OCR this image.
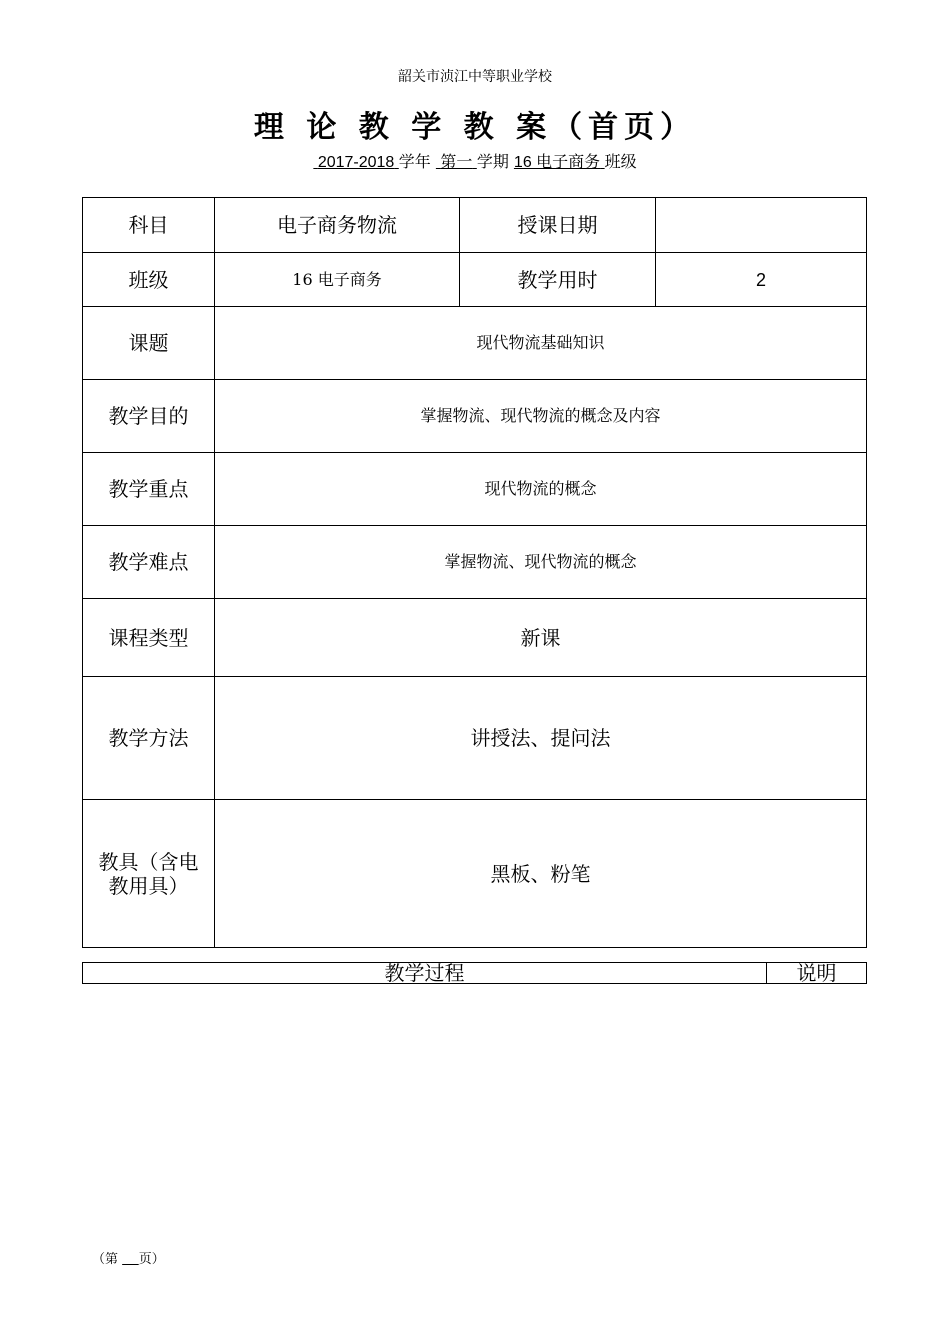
韶关市浈江中等职业学校
理 论 教 学 教 案（首页）
2017-2018 学年 第一 学期 16 电子商务 班级
科目	电子商务物流	授课日期	
班级	16 电子商务	教学用时	2
课题	现代物流基础知识		
教学目的	掌握物流、现代物流的概念及内容		
教学重点	现代物流的概念		
教学难点	掌握物流、现代物流的概念		
课程类型	新课		
教学方法	讲授法、提问法		

教具（含电
教用具）	黑板、粉笔		
教学过程	说明
（第 页）
